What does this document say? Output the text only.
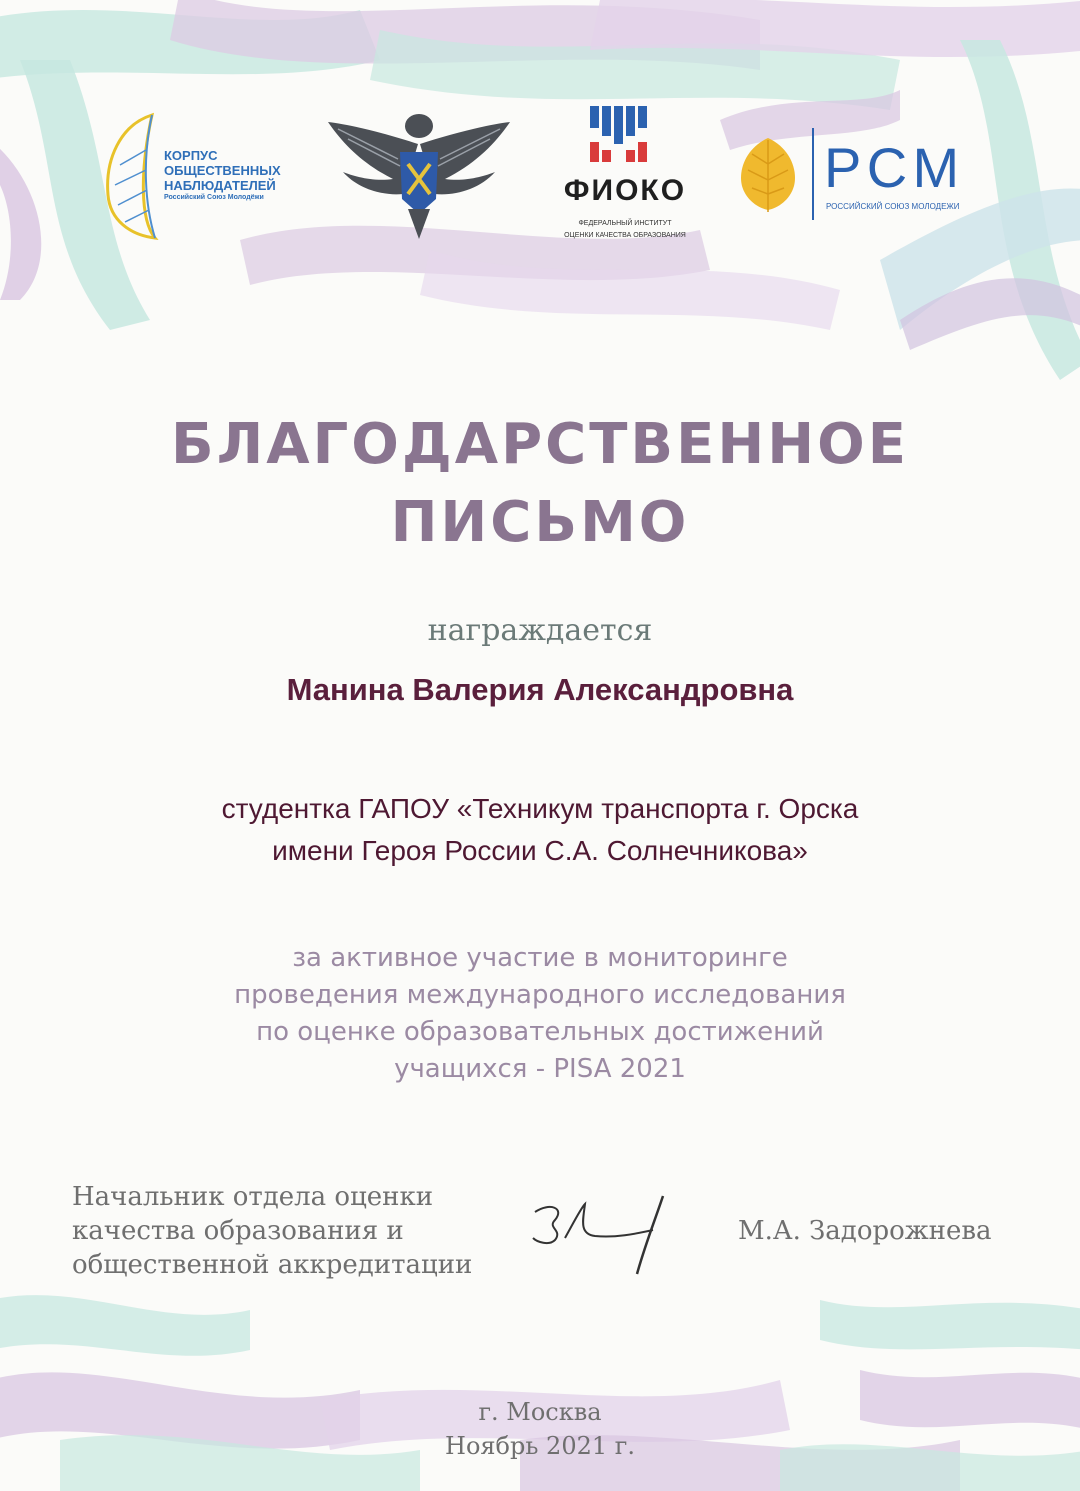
КОРПУС
ОБЩЕСТВЕННЫХ
НАБЛЮДАТЕЛЕЙ
Российский Союз Молодёжи	ФИОКО
ФЕДЕРАЛЬНЫЙ ИНСТИТУТ
ОЦЕНКИ КАЧЕСТВА ОБРАЗОВАНИЯ
РСМ
РОССИЙСКИЙ СОЮЗ МОЛОДЕЖИ
БЛАГОДАРСТВЕННОЕ
ПИСЬМО
награждается
Манина Валерия Александровна
студентка ГАПОУ «Техникум транспорта г. Орска
имени Героя России С.А. Солнечникова»
за активное участие в мониторинге
проведения международного исследования
по оценке образовательных достижений
учащихся - PISA 2021
Начальник отдела оценки
качества образования и
общественной аккредитации
М.А. Задорожнева
г. Москва
Ноябрь 2021 г.
